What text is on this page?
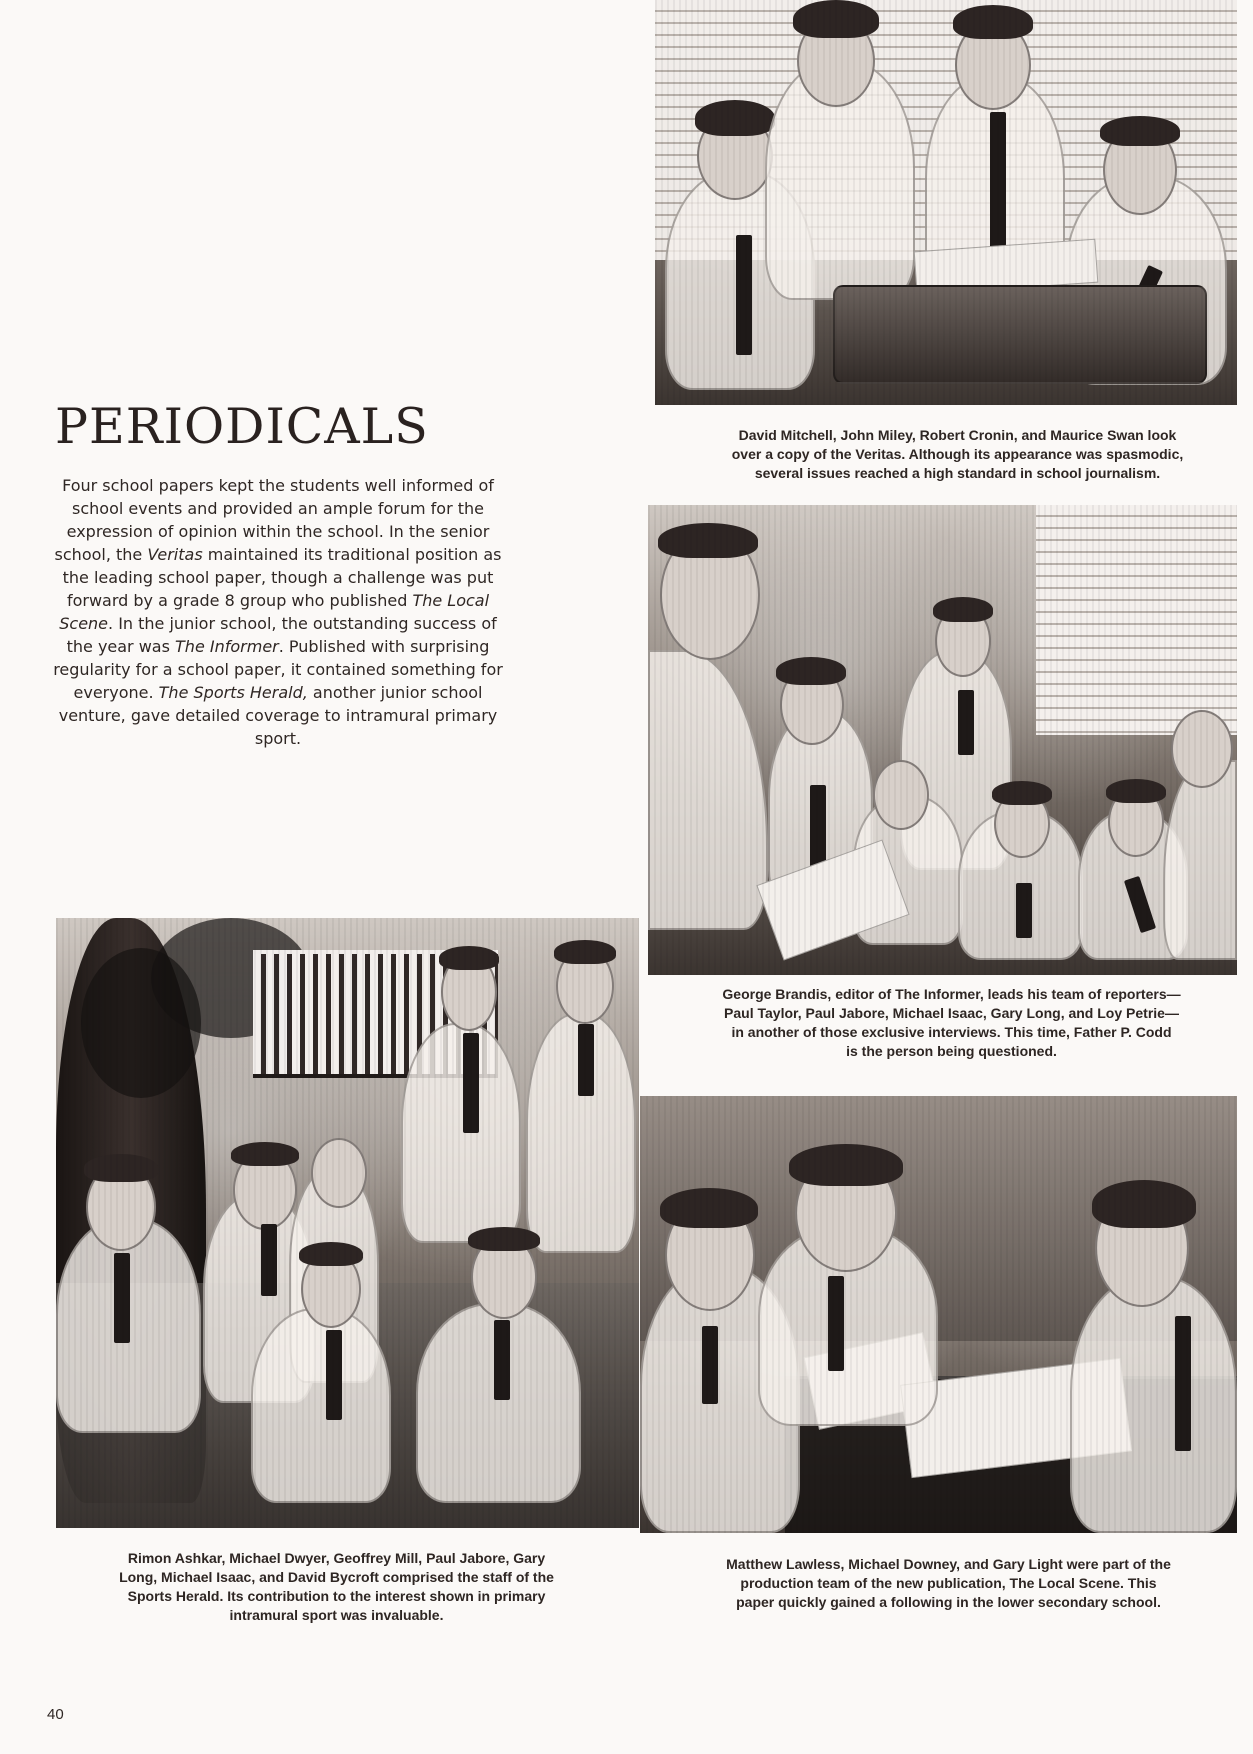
David Mitchell, John Miley, Robert Cronin, and Maurice Swan look
over a copy of the Veritas. Although its appearance was spasmodic,
several issues reached a high standard in school journalism.

PERIODICALS

Four school papers kept the students well informed of school events and provided an ample forum for the expression of opinion within the school. In the senior school, the Veritas maintained its traditional position as the leading school paper, though a challenge was put forward by a grade 8 group who published The Local Scene. In the junior school, the outstanding success of the year was The Informer. Published with surprising regularity for a school paper, it contained something for everyone. The Sports Herald, another junior school venture, gave detailed coverage to intramural primary sport.

George Brandis, editor of The Informer, leads his team of reporters—
Paul Taylor, Paul Jabore, Michael Isaac, Gary Long, and Loy Petrie—
in another of those exclusive interviews. This time, Father P. Codd
is the person being questioned.

Rimon Ashkar, Michael Dwyer, Geoffrey Mill, Paul Jabore, Gary
Long, Michael Isaac, and David Bycroft comprised the staff of the
Sports Herald. Its contribution to the interest shown in primary
intramural sport was invaluable.

Matthew Lawless, Michael Downey, and Gary Light were part of the
production team of the new publication, The Local Scene. This
paper quickly gained a following in the lower secondary school.

40
